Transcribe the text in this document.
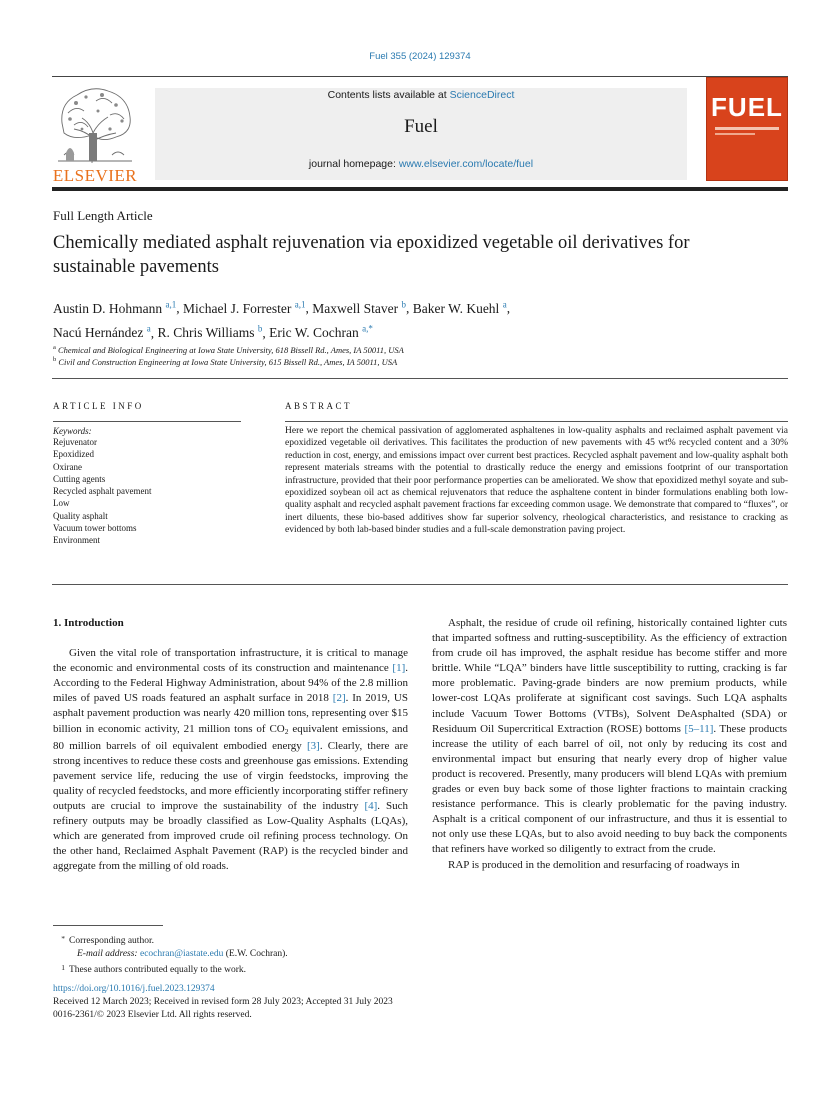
Fuel 355 (2024) 129374
ELSEVIER
Contents lists available at ScienceDirect
Fuel
journal homepage: www.elsevier.com/locate/fuel
FUEL
Full Length Article
Chemically mediated asphalt rejuvenation via epoxidized vegetable oil derivatives for sustainable pavements
Austin D. Hohmann $^{a,1}$, Michael J. Forrester $^{a,1}$, Maxwell Staver $^b$, Baker W. Kuehl $^a$,
Nacú Hernández $^a$, R. Chris Williams $^b$, Eric W. Cochran $^{a,*}$
$^a$ Chemical and Biological Engineering at Iowa State University, 618 Bissell Rd., Ames, IA 50011, USA
$^b$ Civil and Construction Engineering at Iowa State University, 615 Bissell Rd., Ames, IA 50011, USA
ARTICLE INFO
Keywords:
Rejuvenator
Epoxidized
Oxirane
Cutting agents
Recycled asphalt pavement
Low
Quality asphalt
Vacuum tower bottoms
Environment
ABSTRACT

Here we report the chemical passivation of agglomerated asphaltenes in low-quality asphalts and reclaimed asphalt pavement via epoxidized vegetable oil derivatives. This facilitates the production of new pavements with 45 wt% recycled content and a 30% reduction in cost, energy, and emissions impact over current best practices. Recycled asphalt pavement and low-quality asphalt both represent materials streams with the potential to drastically reduce the energy and emissions footprint of our transportation infrastructure, provided that their poor performance properties can be ameliorated. We show that epoxidized methyl soyate and sub-epoxidized soybean oil act as chemical rejuvenators that reduce the asphaltene content in binder formulations enabling both low-quality asphalt and recycled asphalt pavement fractions far exceeding common usage. We demonstrate that compared to “fluxes”, or inert diluents, these bio-based additives show far superior solvency, rheological characteristics, and resistance to cracking as evidenced by both lab-based binder studies and a full-scale demonstration paving project.

1. Introduction

Given the vital role of transportation infrastructure, it is critical to manage the economic and environmental costs of its construction and maintenance [1]. According to the Federal Highway Administration, about 94% of the 2.8 million miles of paved US roads featured an asphalt surface in 2018 [2]. In 2019, US asphalt pavement production was nearly 420 million tons, representing over $15 billion in economic activity, 21 million tons of $CO_2$ equivalent emissions, and 80 million barrels of oil equivalent embodied energy [3]. Clearly, there are strong incentives to reduce these costs and greenhouse gas emissions. Extending pavement service life, reducing the use of virgin feedstocks, improving the quality of recycled feedstocks, and more efficiently incorporating stiffer refinery outputs are crucial to improve the sustainability of the industry [4]. Such refinery outputs may be broadly classified as Low-Quality Asphalts (LQAs), which are generated from improved crude oil refining process technology. On the other hand, Reclaimed Asphalt Pavement (RAP) is the recycled binder and aggregate from the milling of old roads.

Asphalt, the residue of crude oil refining, historically contained lighter cuts that imparted softness and rutting-susceptibility. As the efficiency of extraction from crude oil has improved, the asphalt residue has become stiffer and more brittle. While “LQA” binders have little susceptibility to rutting, cracking is far more problematic. Paving-grade binders are now premium products, while lower-cost LQAs proliferate at significant cost savings. Such LQA asphalts include Vacuum Tower Bottoms (VTBs), Solvent DeAsphalted (SDA) or Residuum Oil Supercritical Extraction (ROSE) bottoms [5–11]. These products increase the utility of each barrel of oil, not only by reducing its cost and environmental impact but ensuring that nearly every drop of higher value product is recovered. Presently, many producers will blend LQAs with premium grades or even buy back some of those lighter fractions to maintain cracking resistance performance. This is clearly problematic for the paving industry. Asphalt is a critical component of our infrastructure, and thus it is essential to not only use these LQAs, but to also avoid needing to buy back the components that refiners have worked so diligently to extract from the crude.

RAP is produced in the demolition and resurfacing of roadways in

* Corresponding author.
E-mail address: ecochran@iastate.edu (E.W. Cochran).
1 These authors contributed equally to the work.
https://doi.org/10.1016/j.fuel.2023.129374
Received 12 March 2023; Received in revised form 28 July 2023; Accepted 31 July 2023
0016-2361/© 2023 Elsevier Ltd. All rights reserved.
